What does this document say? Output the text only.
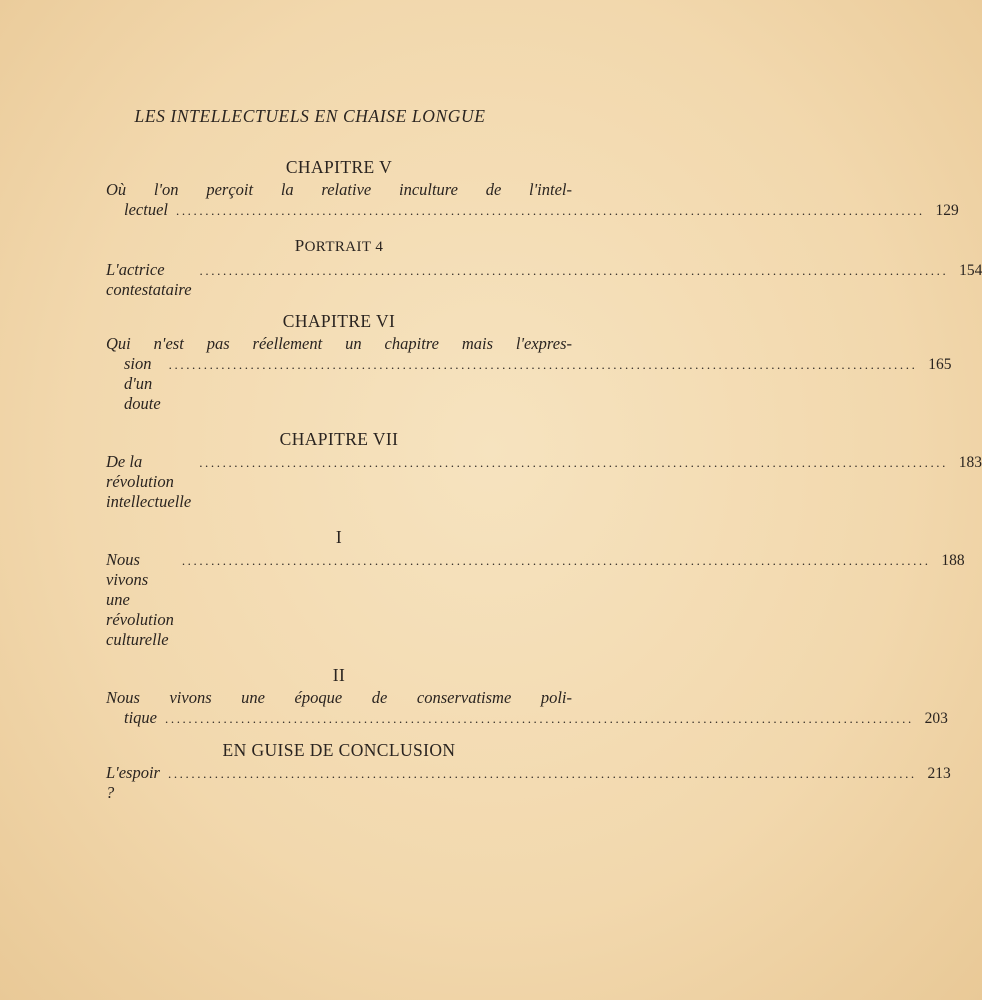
LES INTELLECTUELS EN CHAISE LONGUE
CHAPITRE V
Où l'on perçoit la relative inculture de l'intel-
lectuel ................................................................................................................................ 129
PORTRAIT 4
L'actrice contestataire
................................................................................................................................ 154
CHAPITRE VI
Qui n'est pas réellement un chapitre mais l'expres-
sion d'un doute
................................................................................................................................ 165
CHAPITRE VII
De la révolution intellectuelle
................................................................................................................................ 183
I
Nous vivons une révolution culturelle
................................................................................................................................ 188
II
Nous vivons une époque de conservatisme poli-
tique ................................................................................................................................ 203
EN GUISE DE CONCLUSION
L'espoir ?
................................................................................................................................ 213
